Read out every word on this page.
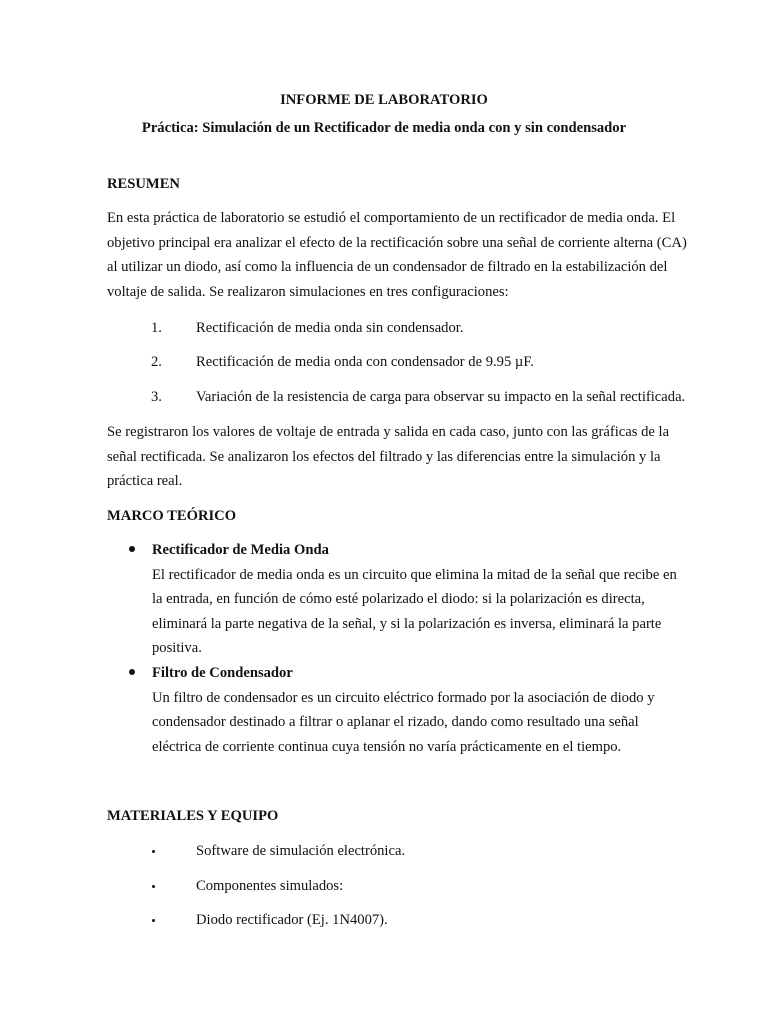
INFORME DE LABORATORIO
Práctica: Simulación de un Rectificador de media onda con y sin condensador
RESUMEN
En esta práctica de laboratorio se estudió el comportamiento de un rectificador de media onda. El
objetivo principal era analizar el efecto de la rectificación sobre una señal de corriente alterna (CA)
al utilizar un diodo, así como la influencia de un condensador de filtrado en la estabilización del
voltaje de salida. Se realizaron simulaciones en tres configuraciones:
1. Rectificación de media onda sin condensador.
2. Rectificación de media onda con condensador de 9.95 µF.
3. Variación de la resistencia de carga para observar su impacto en la señal rectificada.
Se registraron los valores de voltaje de entrada y salida en cada caso, junto con las gráficas de la
señal rectificada. Se analizaron los efectos del filtrado y las diferencias entre la simulación y la
práctica real.
MARCO TEÓRICO
Rectificador de Media Onda
El rectificador de media onda es un circuito que elimina la mitad de la señal que recibe en
la entrada, en función de cómo esté polarizado el diodo: si la polarización es directa,
eliminará la parte negativa de la señal, y si la polarización es inversa, eliminará la parte
positiva.
Filtro de Condensador
Un filtro de condensador es un circuito eléctrico formado por la asociación de diodo y
condensador destinado a filtrar o aplanar el rizado, dando como resultado una señal
eléctrica de corriente continua cuya tensión no varía prácticamente en el tiempo.
MATERIALES Y EQUIPO
Software de simulación electrónica.
Componentes simulados:
Diodo rectificador (Ej. 1N4007).
